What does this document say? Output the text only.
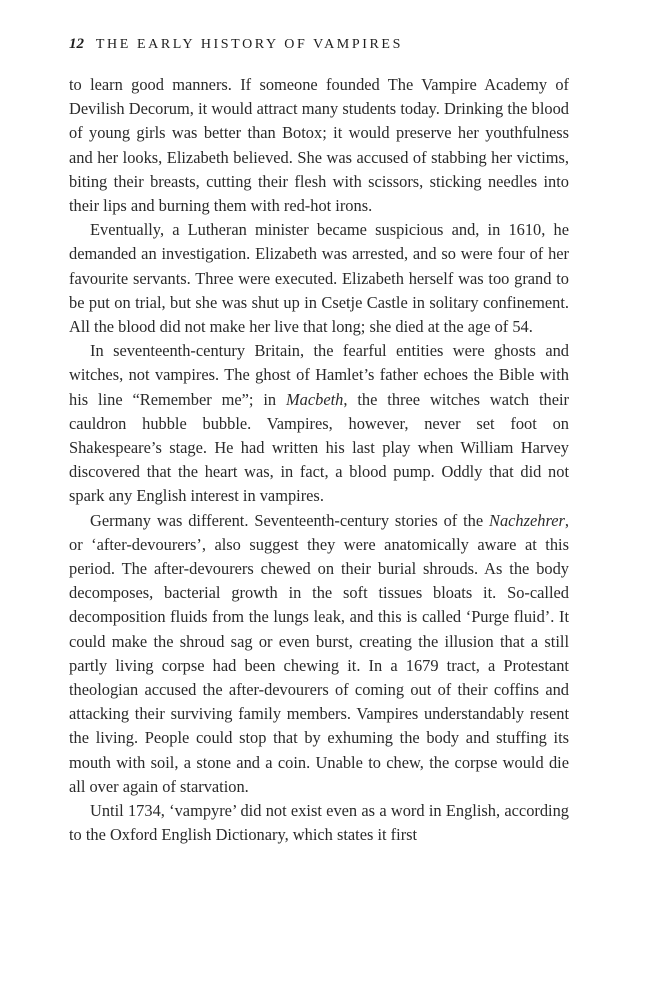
12 THE EARLY HISTORY OF VAMPIRES

to learn good manners. If someone founded The Vampire Academy of Devilish Decorum, it would attract many students today. Drinking the blood of young girls was better than Botox; it would preserve her youthfulness and her looks, Elizabeth believed. She was accused of stabbing her victims, biting their breasts, cutting their flesh with scissors, sticking needles into their lips and burning them with red-hot irons.

Eventually, a Lutheran minister became suspicious and, in 1610, he demanded an investigation. Elizabeth was arrested, and so were four of her favourite servants. Three were executed. Elizabeth herself was too grand to be put on trial, but she was shut up in Csetje Castle in solitary confinement. All the blood did not make her live that long; she died at the age of 54.

In seventeenth-century Britain, the fearful entities were ghosts and witches, not vampires. The ghost of Hamlet’s father echoes the Bible with his line “Remember me”; in Macbeth, the three witches watch their cauldron hubble bubble. Vampires, however, never set foot on Shakespeare’s stage. He had written his last play when William Harvey discovered that the heart was, in fact, a blood pump. Oddly that did not spark any English interest in vampires.

Germany was different. Seventeenth-century stories of the Nachzehrer, or ‘after-devourers’, also suggest they were anatomically aware at this period. The after-devourers chewed on their burial shrouds. As the body decomposes, bacterial growth in the soft tissues bloats it. So-called decomposition fluids from the lungs leak, and this is called ‘Purge fluid’. It could make the shroud sag or even burst, creating the illusion that a still partly living corpse had been chewing it. In a 1679 tract, a Protestant theologian accused the after-devourers of coming out of their coffins and attacking their surviving family members. Vampires understandably resent the living. People could stop that by exhuming the body and stuffing its mouth with soil, a stone and a coin. Unable to chew, the corpse would die all over again of starvation.

Until 1734, ‘vampyre’ did not exist even as a word in English, according to the Oxford English Dictionary, which states it first
